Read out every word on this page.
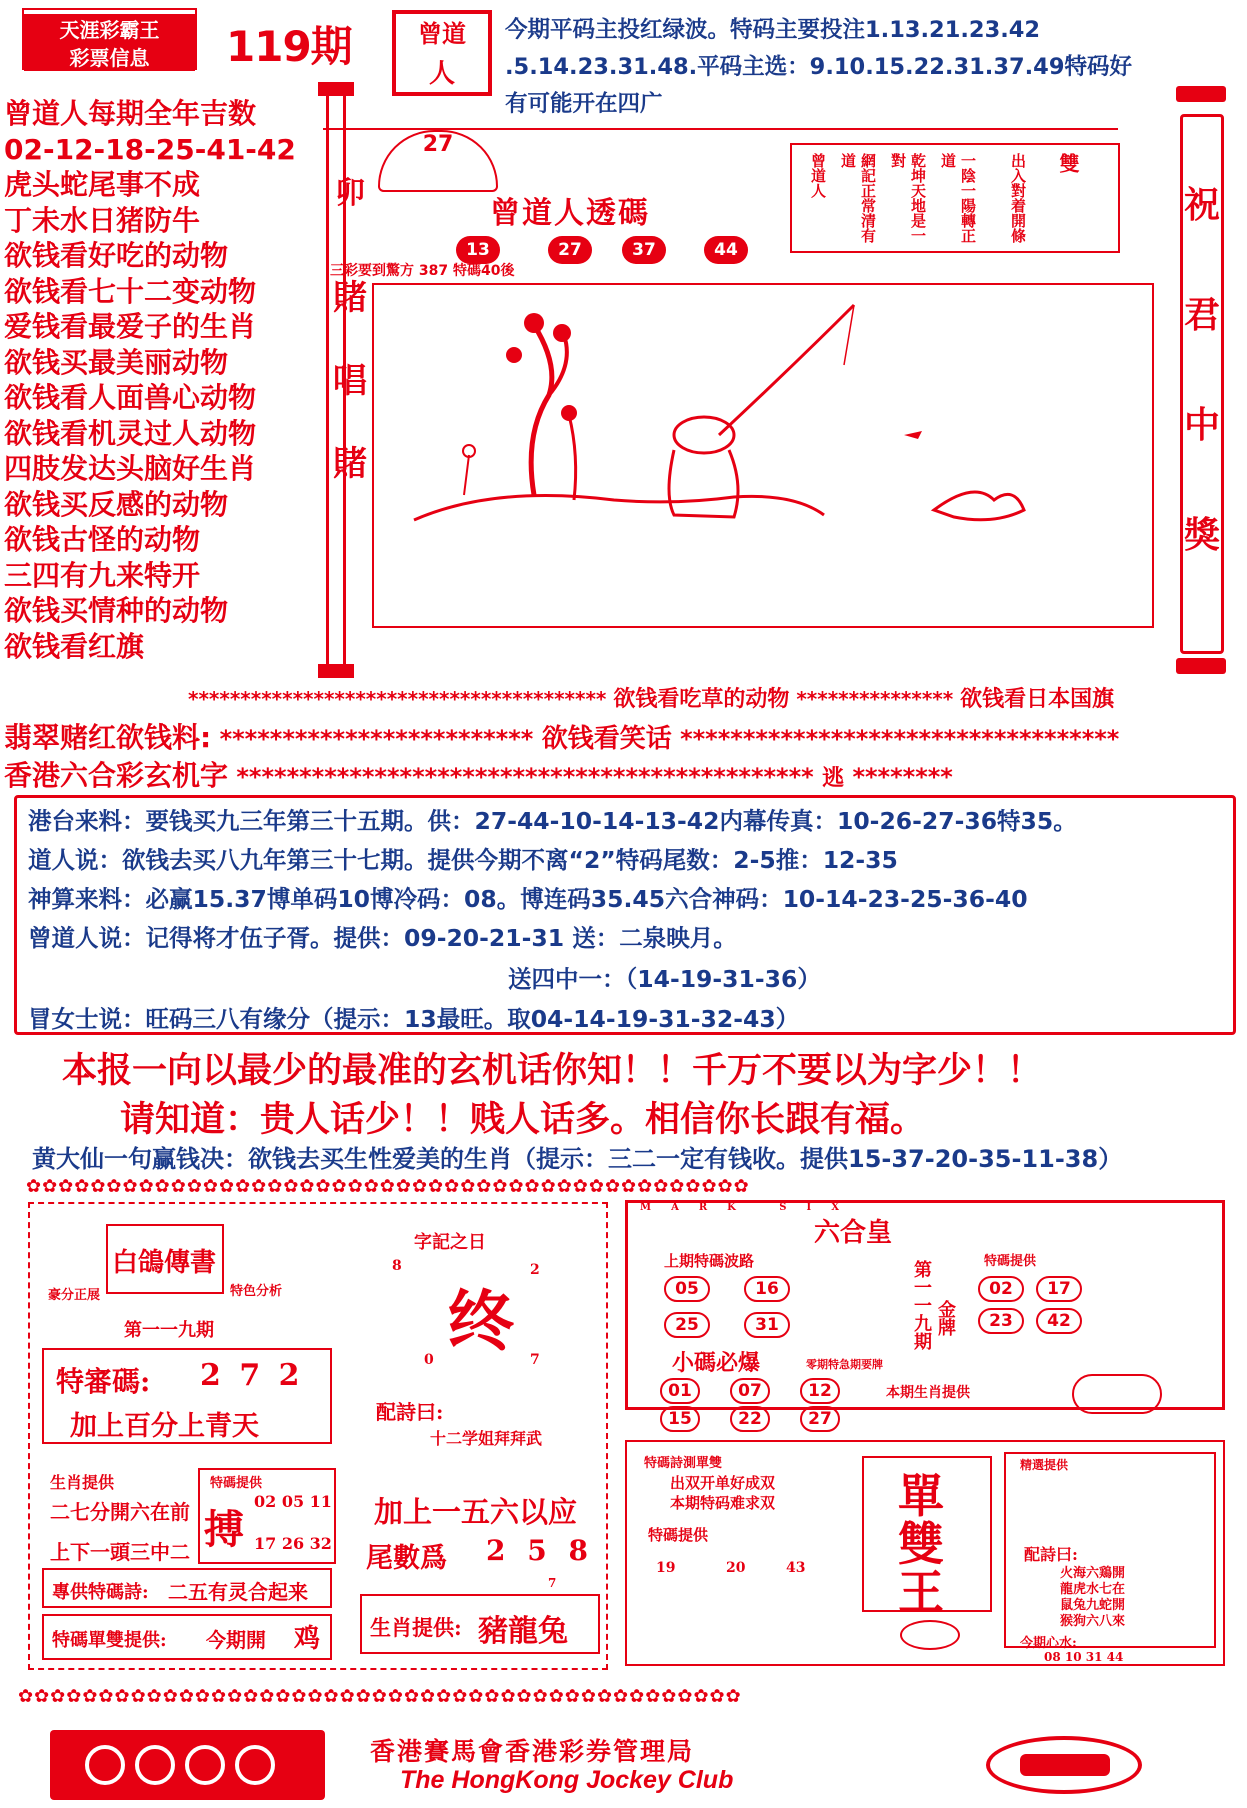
天涯彩霸王
彩票信息	119期	曾道
人
今期平码主投红绿波。特码主要投注1.13.21.23.42 .5.14.23.31.48.平码主选：9.10.15.22.31.37.49特码好有可能开在四广
曾道人每期全年吉数
02-12-18-25-41-42
虎头蛇尾事不成
丁未水日猪防牛
欲钱看好吃的动物
欲钱看七十二变动物
爱钱看最爱子的生肖
欲钱买最美丽动物
欲钱看人面兽心动物
欲钱看机灵过人动物
四肢发达头脑好生肖
欲钱买反感的动物
欲钱古怪的动物
三四有九来特开
欲钱买情种的动物
欲钱看红旗
27
曾道人透碼
13	27	37	44
三彩要到驚方 387 特碼40後
卯	曾道人 網記正常清有道	乾坤天地是一對	一陰一陽轉正道	出入對着開條 雙
賭
唱
賭
祝
君
中
獎
**************************************** 欲钱看吃草的动物 *************** 欲钱看日本国旗
翡翠赌红欲钱料: ************************* 欲钱看笑话 ***********************************
香港六合彩玄机字 ********************************************** 逃 ********
港台来料：要钱买九三年第三十五期。供：27-44-10-14-13-42内幕传真：10-26-27-36特35。
道人说：欲钱去买八九年第三十七期。提供今期不离“2”特码尾数：2-5推：12-35
神算来料：必赢15.37博单码10博冷码：08。博连码35.45六合神码：10-14-23-25-36-40
曾道人说：记得将才伍子胥。提供：09-20-21-31 送：二泉映月。
送四中一：（14-19-31-36）
冒女士说：旺码三八有缘分（提示：13最旺。取04-14-19-31-32-43）
本报一向以最少的最准的玄机话你知！！千万不要以为字少！！
请知道：贵人话少！！贱人话多。相信你长跟有福。
黄大仙一句赢钱决：欲钱去买生性爱美的生肖（提示：三二一定有钱收。提供15-37-20-35-11-38）
✿✿✿✿✿✿✿✿✿✿✿✿✿✿✿✿✿✿✿✿✿✿✿✿✿✿✿✿✿✿✿✿✿✿✿✿✿✿✿✿✿✿✿✿✿
✿✿✿✿✿✿✿✿✿✿✿✿✿✿✿✿✿✿✿✿✿✿✿✿✿✿✿✿✿✿✿✿✿✿✿✿✿✿✿✿✿✿✿✿✿
白鴿傳書
豪分正展	特色分析
第一一九期
特審碼: 2 7 2
加上百分上青天
生肖提供
二七分開六在前
上下一頭三中二
特碼提供
搏
02 05 11
17 26 32
專供特碼詩: 二五有灵合起来
特碼單雙提供: 今期開 鸡
字記之日
8	2
终
0	7
配詩曰:
十二学姐拜拜武
加上一五六以应
尾數爲 2 5 8
7
生肖提供: 豬龍兔
MARK SIX
六合皇
上期特碼波路
05	16
25	31	第一一九期 金牌
特碼提供
02	17
23	42
小碼必爆	零期特急期要牌
01	07	12	本期生肖提供
15	22	27
特碼詩測單雙
出双开单好成双
本期特码难求双
特碼提供
19	20	43
單
雙
王
精選提供
配詩曰:
火海六鶏開
龍虎水七在
鼠兔九蛇開
猴狗六八來
今期心水:
08 10 31 44
香港賽馬會香港彩券管理局
The HongKong Jockey Club
